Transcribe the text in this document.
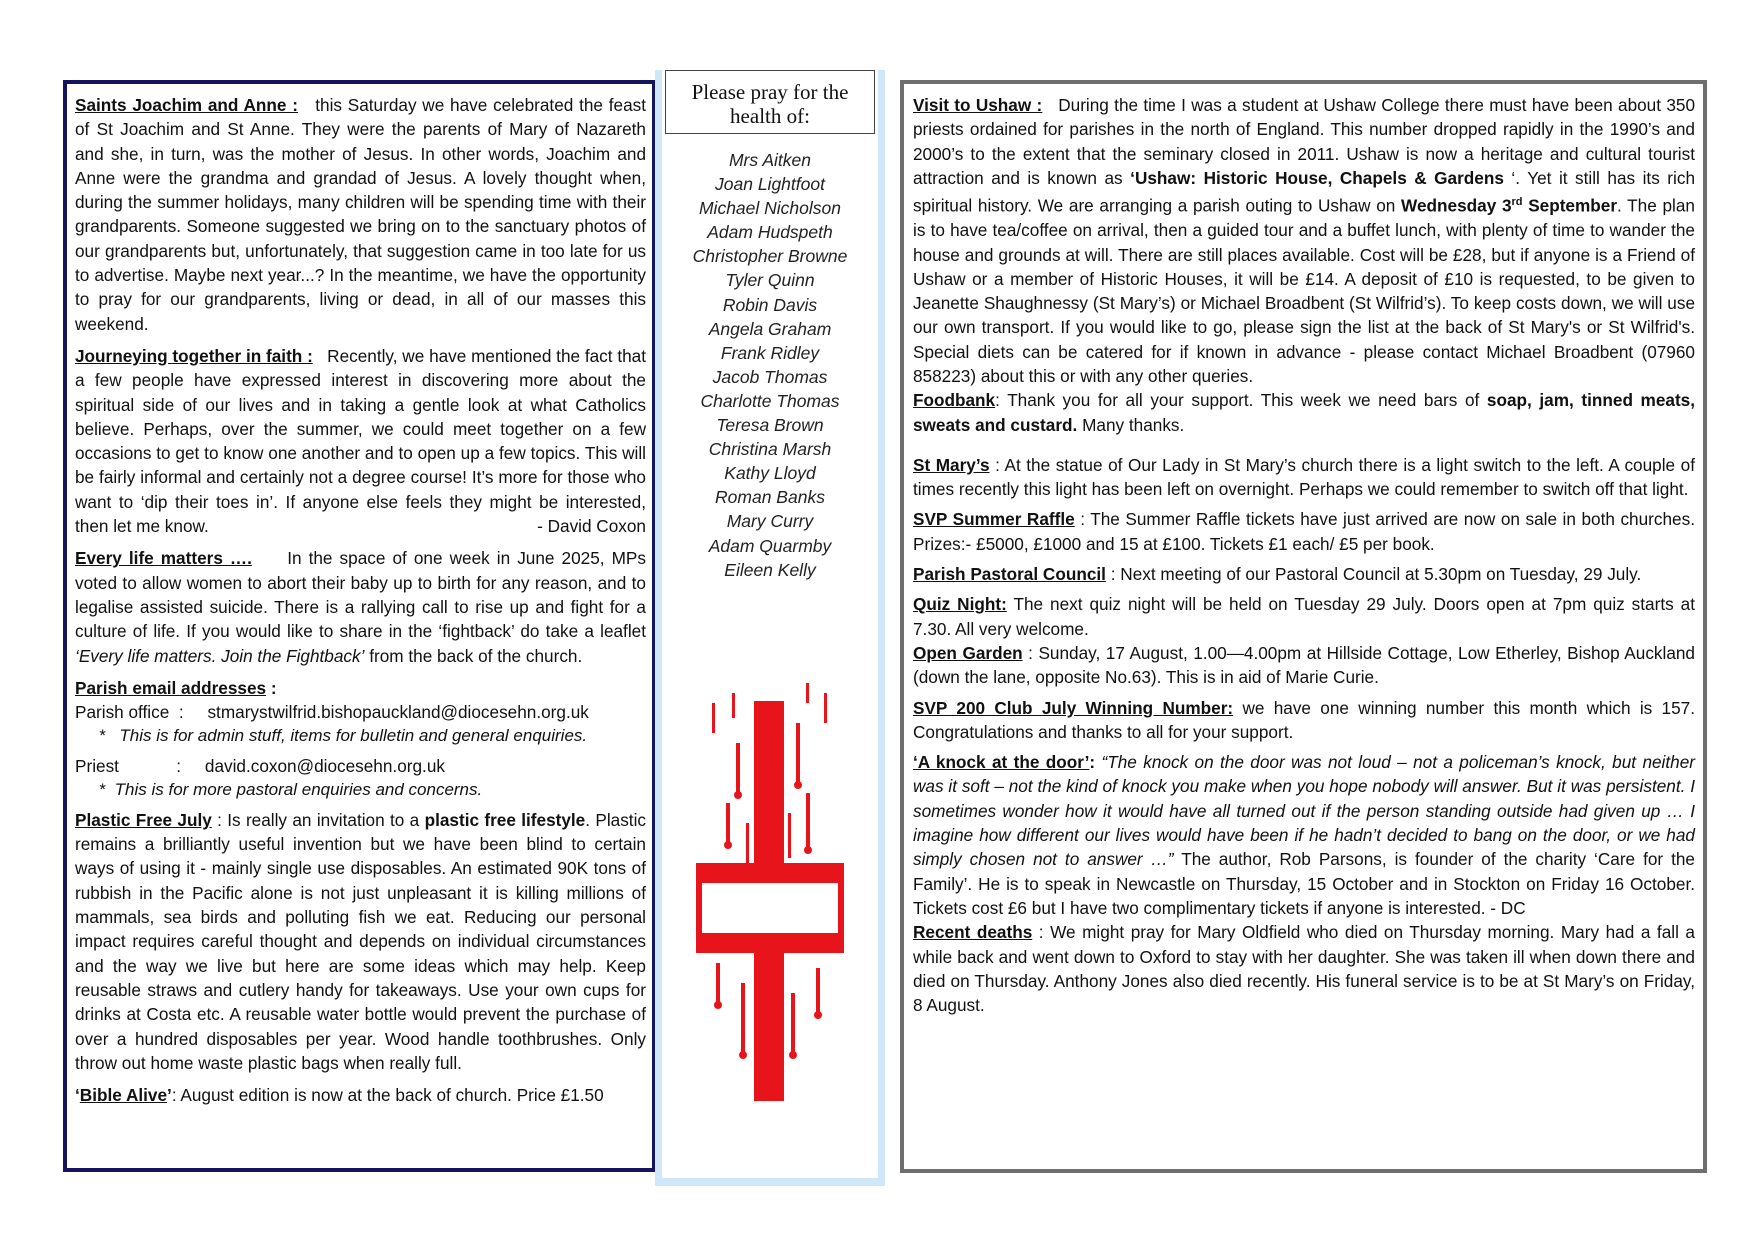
Saints Joachim and Anne : this Saturday we have celebrated the feast of St Joachim and St Anne. They were the parents of Mary of Nazareth and she, in turn, was the mother of Jesus. In other words, Joachim and Anne were the grandma and grandad of Jesus. A lovely thought when, during the summer holidays, many children will be spending time with their grandparents. Someone suggested we bring on to the sanctuary photos of our grandparents but, unfortunately, that suggestion came in too late for us to advertise. Maybe next year...? In the meantime, we have the opportunity to pray for our grandparents, living or dead, in all of our masses this weekend.

Journeying together in faith : Recently, we have mentioned the fact that a few people have expressed interest in discovering more about the spiritual side of our lives and in taking a gentle look at what Catholics believe. Perhaps, over the summer, we could meet together on a few occasions to get to know one another and to open up a few topics. This will be fairly informal and certainly not a degree course! It’s more for those who want to ‘dip their toes in’. If anyone else feels they might be interested, then let me know.	- David Coxon

Every life matters …. In the space of one week in June 2025, MPs voted to allow women to abort their baby up to birth for any reason, and to legalise assisted suicide. There is a rallying call to rise up and fight for a culture of life. If you would like to share in the ‘fightback’ do take a leaflet ‘Every life matters. Join the Fightback’ from the back of the church.

Parish email addresses :

Parish office  :     stmarystwilfrid.bishopauckland@diocesehn.org.uk

*   This is for admin stuff, items for bulletin and general enquiries.

Priest            :     david.coxon@diocesehn.org.uk

*  This is for more pastoral enquiries and concerns.

Plastic Free July : Is really an invitation to a plastic free lifestyle. Plastic remains a brilliantly useful invention but we have been blind to certain ways of using it - mainly single use disposables. An estimated 90K tons of rubbish in the Pacific alone is not just unpleasant it is killing millions of mammals, sea birds and polluting fish we eat. Reducing our personal impact requires careful thought and depends on individual circumstances and the way we live but here are some ideas which may help. Keep reusable straws and cutlery handy for takeaways. Use your own cups for drinks at Costa etc. A reusable water bottle would prevent the purchase of over a hundred disposables per year. Wood handle toothbrushes. Only throw out home waste plastic bags when really full.

‘Bible Alive’: August edition is now at the back of church. Price £1.50

Please pray for the
health of:
Mrs Aitken
Joan Lightfoot
Michael Nicholson
Adam Hudspeth
Christopher Browne
Tyler Quinn
Robin Davis
Angela Graham
Frank Ridley
Jacob Thomas
Charlotte Thomas
Teresa Brown
Christina Marsh
Kathy Lloyd
Roman Banks
Mary Curry
Adam Quarmby
Eileen Kelly

Visit to Ushaw : During the time I was a student at Ushaw College there must have been about 350 priests ordained for parishes in the north of England. This number dropped rapidly in the 1990’s and 2000’s to the extent that the seminary closed in 2011. Ushaw is now a heritage and cultural tourist attraction and is known as ‘Ushaw: Historic House, Chapels & Gardens ‘. Yet it still has its rich spiritual history. We are arranging a parish outing to Ushaw on Wednesday 3rd September. The plan is to have tea/coffee on arrival, then a guided tour and a buffet lunch, with plenty of time to wander the house and grounds at will. There are still places available. Cost will be £28, but if anyone is a Friend of Ushaw or a member of Historic Houses, it will be £14. A deposit of £10 is requested, to be given to Jeanette Shaughnessy (St Mary’s) or Michael Broadbent (St Wilfrid’s). To keep costs down, we will use our own transport. If you would like to go, please sign the list at the back of St Mary's or St Wilfrid's. Special diets can be catered for if known in advance - please contact Michael Broadbent (07960 858223) about this or with any other queries.

Foodbank: Thank you for all your support. This week we need bars of soap, jam, tinned meats, sweats and custard. Many thanks.

St Mary’s : At the statue of Our Lady in St Mary’s church there is a light switch to the left. A couple of times recently this light has been left on overnight. Perhaps we could remember to switch off that light.

SVP Summer Raffle : The Summer Raffle tickets have just arrived are now on sale in both churches. Prizes:- £5000, £1000 and 15 at £100. Tickets £1 each/ £5 per book.

Parish Pastoral Council : Next meeting of our Pastoral Council at 5.30pm on Tuesday, 29 July.

Quiz Night: The next quiz night will be held on Tuesday 29 July. Doors open at 7pm quiz starts at 7.30. All very welcome.

Open Garden : Sunday, 17 August, 1.00—4.00pm at Hillside Cottage, Low Etherley, Bishop Auckland (down the lane, opposite No.63). This is in aid of Marie Curie.

SVP 200 Club July Winning Number: we have one winning number this month which is 157. Congratulations and thanks to all for your support.

‘A knock at the door’: “The knock on the door was not loud – not a policeman’s knock, but neither was it soft – not the kind of knock you make when you hope nobody will answer. But it was persistent. I sometimes wonder how it would have all turned out if the person standing outside had given up … I imagine how different our lives would have been if he hadn’t decided to bang on the door, or we had simply chosen not to answer …” The author, Rob Parsons, is founder of the charity ‘Care for the Family’. He is to speak in Newcastle on Thursday, 15 October and in Stockton on Friday 16 October. Tickets cost £6 but I have two complimentary tickets if anyone is interested. - DC

Recent deaths : We might pray for Mary Oldfield who died on Thursday morning. Mary had a fall a while back and went down to Oxford to stay with her daughter. She was taken ill when down there and died on Thursday. Anthony Jones also died recently. His funeral service is to be at St Mary’s on Friday, 8 August.
